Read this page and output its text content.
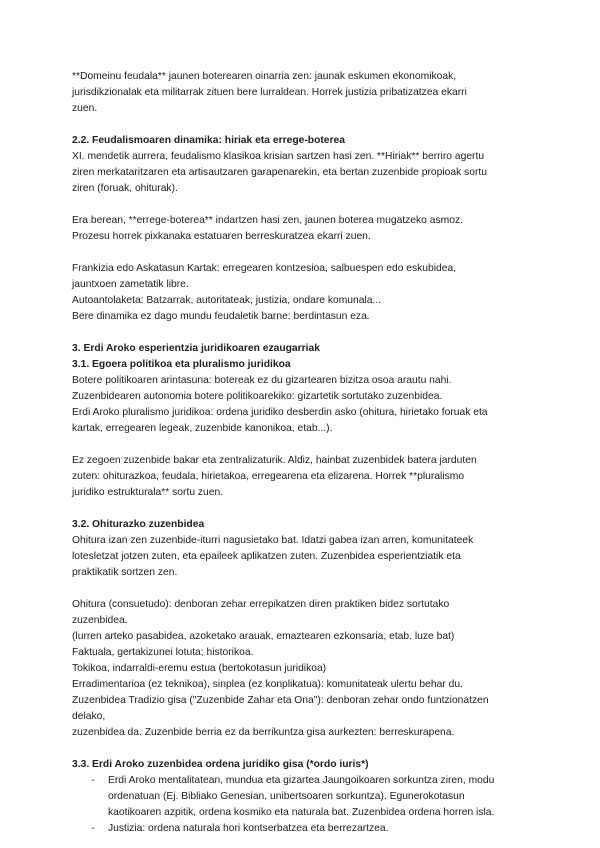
**Domeinu feudala** jaunen boterearen oinarria zen: jaunak eskumen ekonomikoak,

jurisdikzionalak eta militarrak zituen bere lurraldean. Horrek justizia pribatizatzea ekarri

zuen.

2.2. Feudalismoaren dinamika: hiriak eta errege-boterea

XI. mendetik aurrera, feudalismo klasikoa krisian sartzen hasi zen. **Hiriak** berriro agertu

ziren merkataritzaren eta artisautzaren garapenarekin, eta bertan zuzenbide propioak sortu

ziren (foruak, ohiturak).

Era berean, **errege-boterea** indartzen hasi zen, jaunen boterea mugatzeko asmoz.

Prozesu horrek pixkanaka estatuaren berreskuratzea ekarri zuen.

Frankizia edo Askatasun Kartak: erregearen kontzesioa, salbuespen edo eskubidea,

jauntxoen zametatik libre.

Autoantolaketa: Batzarrak, autoritateak, justizia, ondare komunala...

Bere dinamika ez dago mundu feudaletik barne: berdintasun eza.

3. Erdi Aroko esperientzia juridikoaren ezaugarriak

3.1. Egoera politikoa eta pluralismo juridikoa

Botere politikoaren arintasuna: botereak ez du gizartearen bizitza osoa arautu nahi.

Zuzenbidearen autonomia botere politikoarekiko: gizartetik sortutako zuzenbidea.

Erdi Aroko pluralismo juridikoa: ordena juridiko desberdin asko (ohitura, hirietako foruak eta

kartak, erregearen legeak, zuzenbide kanonikoa, etab...).

Ez zegoen zuzenbide bakar eta zentralizaturik. Aldiz, hainbat zuzenbidek batera jarduten

zuten: ohiturazkoa, feudala, hirietakoa, erregearena eta elizarena. Horrek **pluralismo

juridiko estrukturala** sortu zuen.

3.2. Ohiturazko zuzenbidea

Ohitura izan zen zuzenbide-iturri nagusietako bat. Idatzi gabea izan arren, komunitateek

lotesletzat jotzen zuten, eta epaileek aplikatzen zuten. Zuzenbidea esperientziatik eta

praktikatik sortzen zen.

Ohitura (consuetudo): denboran zehar errepikatzen diren praktiken bidez sortutako

zuzenbidea.

(lurren arteko pasabidea, azoketako arauak, emaztearen ezkonsaria, etab. luze bat)

Faktuala, gertakizunei lotuta; historikoa.

Tokikoa, indarraldi-eremu estua (bertokotasun juridikoa)

Erradimentarioa (ez teknikoa), sinplea (ez konplikatua): komunitateak ulertu behar du.

Zuzenbidea Tradizio gisa ("Zuzenbide Zahar eta Ona"): denboran zehar ondo funtzionatzen

delako,

zuzenbidea da. Zuzenbide berria ez da berrikuntza gisa aurkezten: berreskurapena.

3.3. Erdi Aroko zuzenbidea ordena juridiko gisa (*ordo iuris*)

- Erdi Aroko mentalitatean, mundua eta gizartea Jaungoikoaren sorkuntza ziren, modu

ordenatuan (Ej. Bibliako Genesian, unibertsoaren sorkuntza). Egunerokotasun

kaotikoaren azpitik, ordena kosmiko eta naturala bat. Zuzenbidea ordena horren isla.

- Justizia: ordena naturala hori kontserbatzea eta berrezartzea.
